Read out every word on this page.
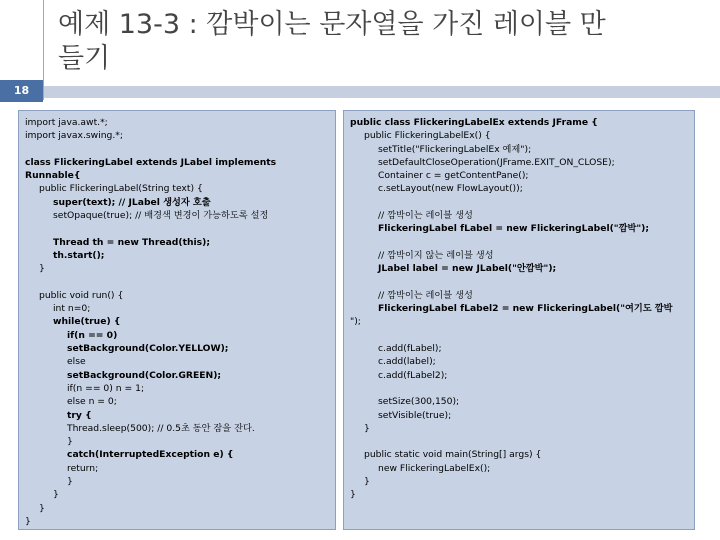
예제 13-3 : 깜박이는 문자열을 가진 레이블 만
들기
18
import java.awt.*;
import javax.swing.*;
class FlickeringLabel extends JLabel implements
Runnable{
public FlickeringLabel(String text) {
super(text); // JLabel 생성자 호출
setOpaque(true); // 배경색 변경이 가능하도록 설정
Thread th = new Thread(this);
th.start();
}
public void run() {
int n=0;
while(true) {
if(n == 0)
setBackground(Color.YELLOW);
else
setBackground(Color.GREEN);
if(n == 0) n = 1;
else n = 0;
try {
Thread.sleep(500); // 0.5초 동안 잠을 잔다.
}
catch(InterruptedException e) {
return;
}
}
}
}
public class FlickeringLabelEx extends JFrame {
public FlickeringLabelEx() {
setTitle("FlickeringLabelEx 예제");
setDefaultCloseOperation(JFrame.EXIT_ON_CLOSE);
Container c = getContentPane();
c.setLayout(new FlowLayout());
// 깜박이는 레이블 생성
FlickeringLabel fLabel = new FlickeringLabel("깜박");
// 깜박이지 않는 레이블 생성
JLabel label = new JLabel("안깜박");
// 깜박이는 레이블 생성
FlickeringLabel fLabel2 = new FlickeringLabel("여기도 깜박
");
c.add(fLabel);
c.add(label);
c.add(fLabel2);
setSize(300,150);
setVisible(true);
}
public static void main(String[] args) {
new FlickeringLabelEx();
}
}
